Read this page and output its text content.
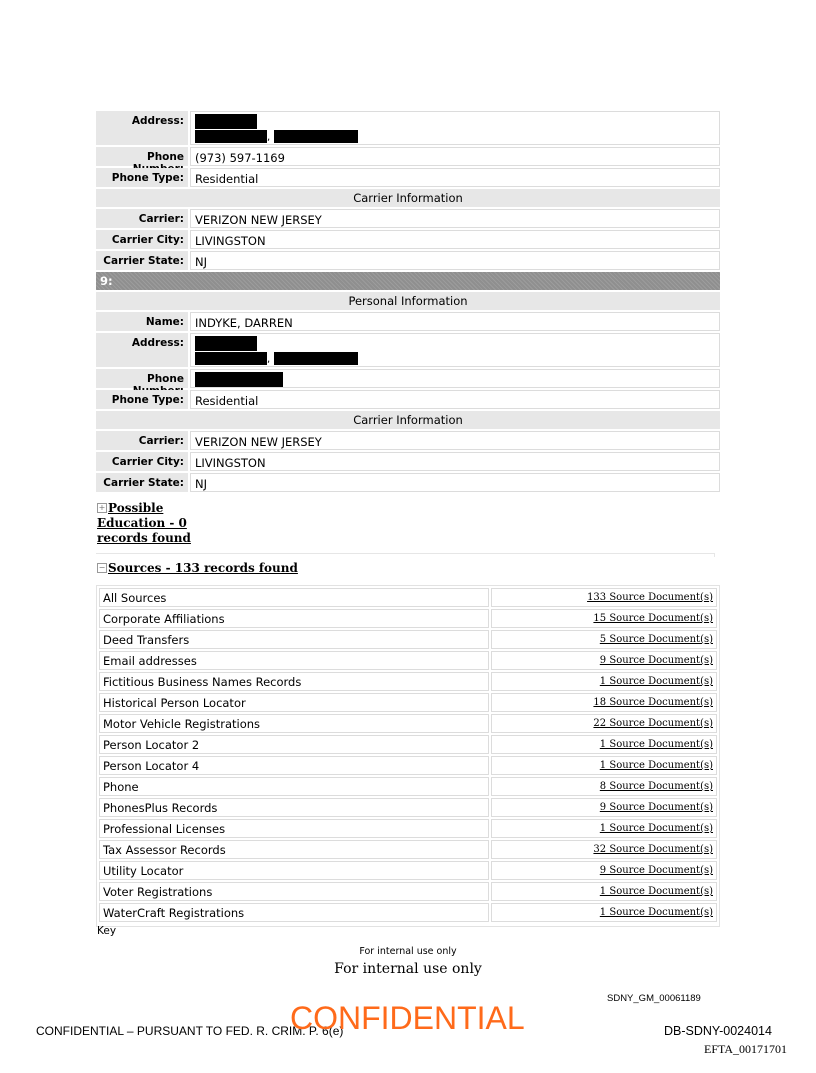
Address:
,
Phone (973) 597-1169
Phone Type: Residential
Carrier Information
Carrier: VERIZON NEW JERSEY
Carrier City: LIVINGSTON
Carrier State: NJ
9:
Personal Information
Name: INDYKE, DARREN
Address:
,
Phone
Phone Type: Residential
Carrier Information
Carrier: VERIZON NEW JERSEY
Carrier City: LIVINGSTON
Carrier State: NJ
+ Possible
Education - 0
records found
− Sources - 133 records found
All Sources	133 Source Document(s)
Corporate Affiliations	15 Source Document(s)
Deed Transfers	5 Source Document(s)
Email addresses	9 Source Document(s)
Fictitious Business Names Records	1 Source Document(s)
Historical Person Locator	18 Source Document(s)
Motor Vehicle Registrations	22 Source Document(s)
Person Locator 2	1 Source Document(s)
Person Locator 4	1 Source Document(s)
Phone	8 Source Document(s)
PhonesPlus Records	9 Source Document(s)
Professional Licenses	1 Source Document(s)
Tax Assessor Records	32 Source Document(s)
Utility Locator	9 Source Document(s)
Voter Registrations	1 Source Document(s)
WaterCraft Registrations	1 Source Document(s)
Key
For internal use only
For internal use only
SDNY_GM_00061189
CONFIDENTIAL – PURSUANT TO FED. R. CRIM. P. 6(e)
CONFIDENTIAL	DB-SDNY-0024014
EFTA_00171701
